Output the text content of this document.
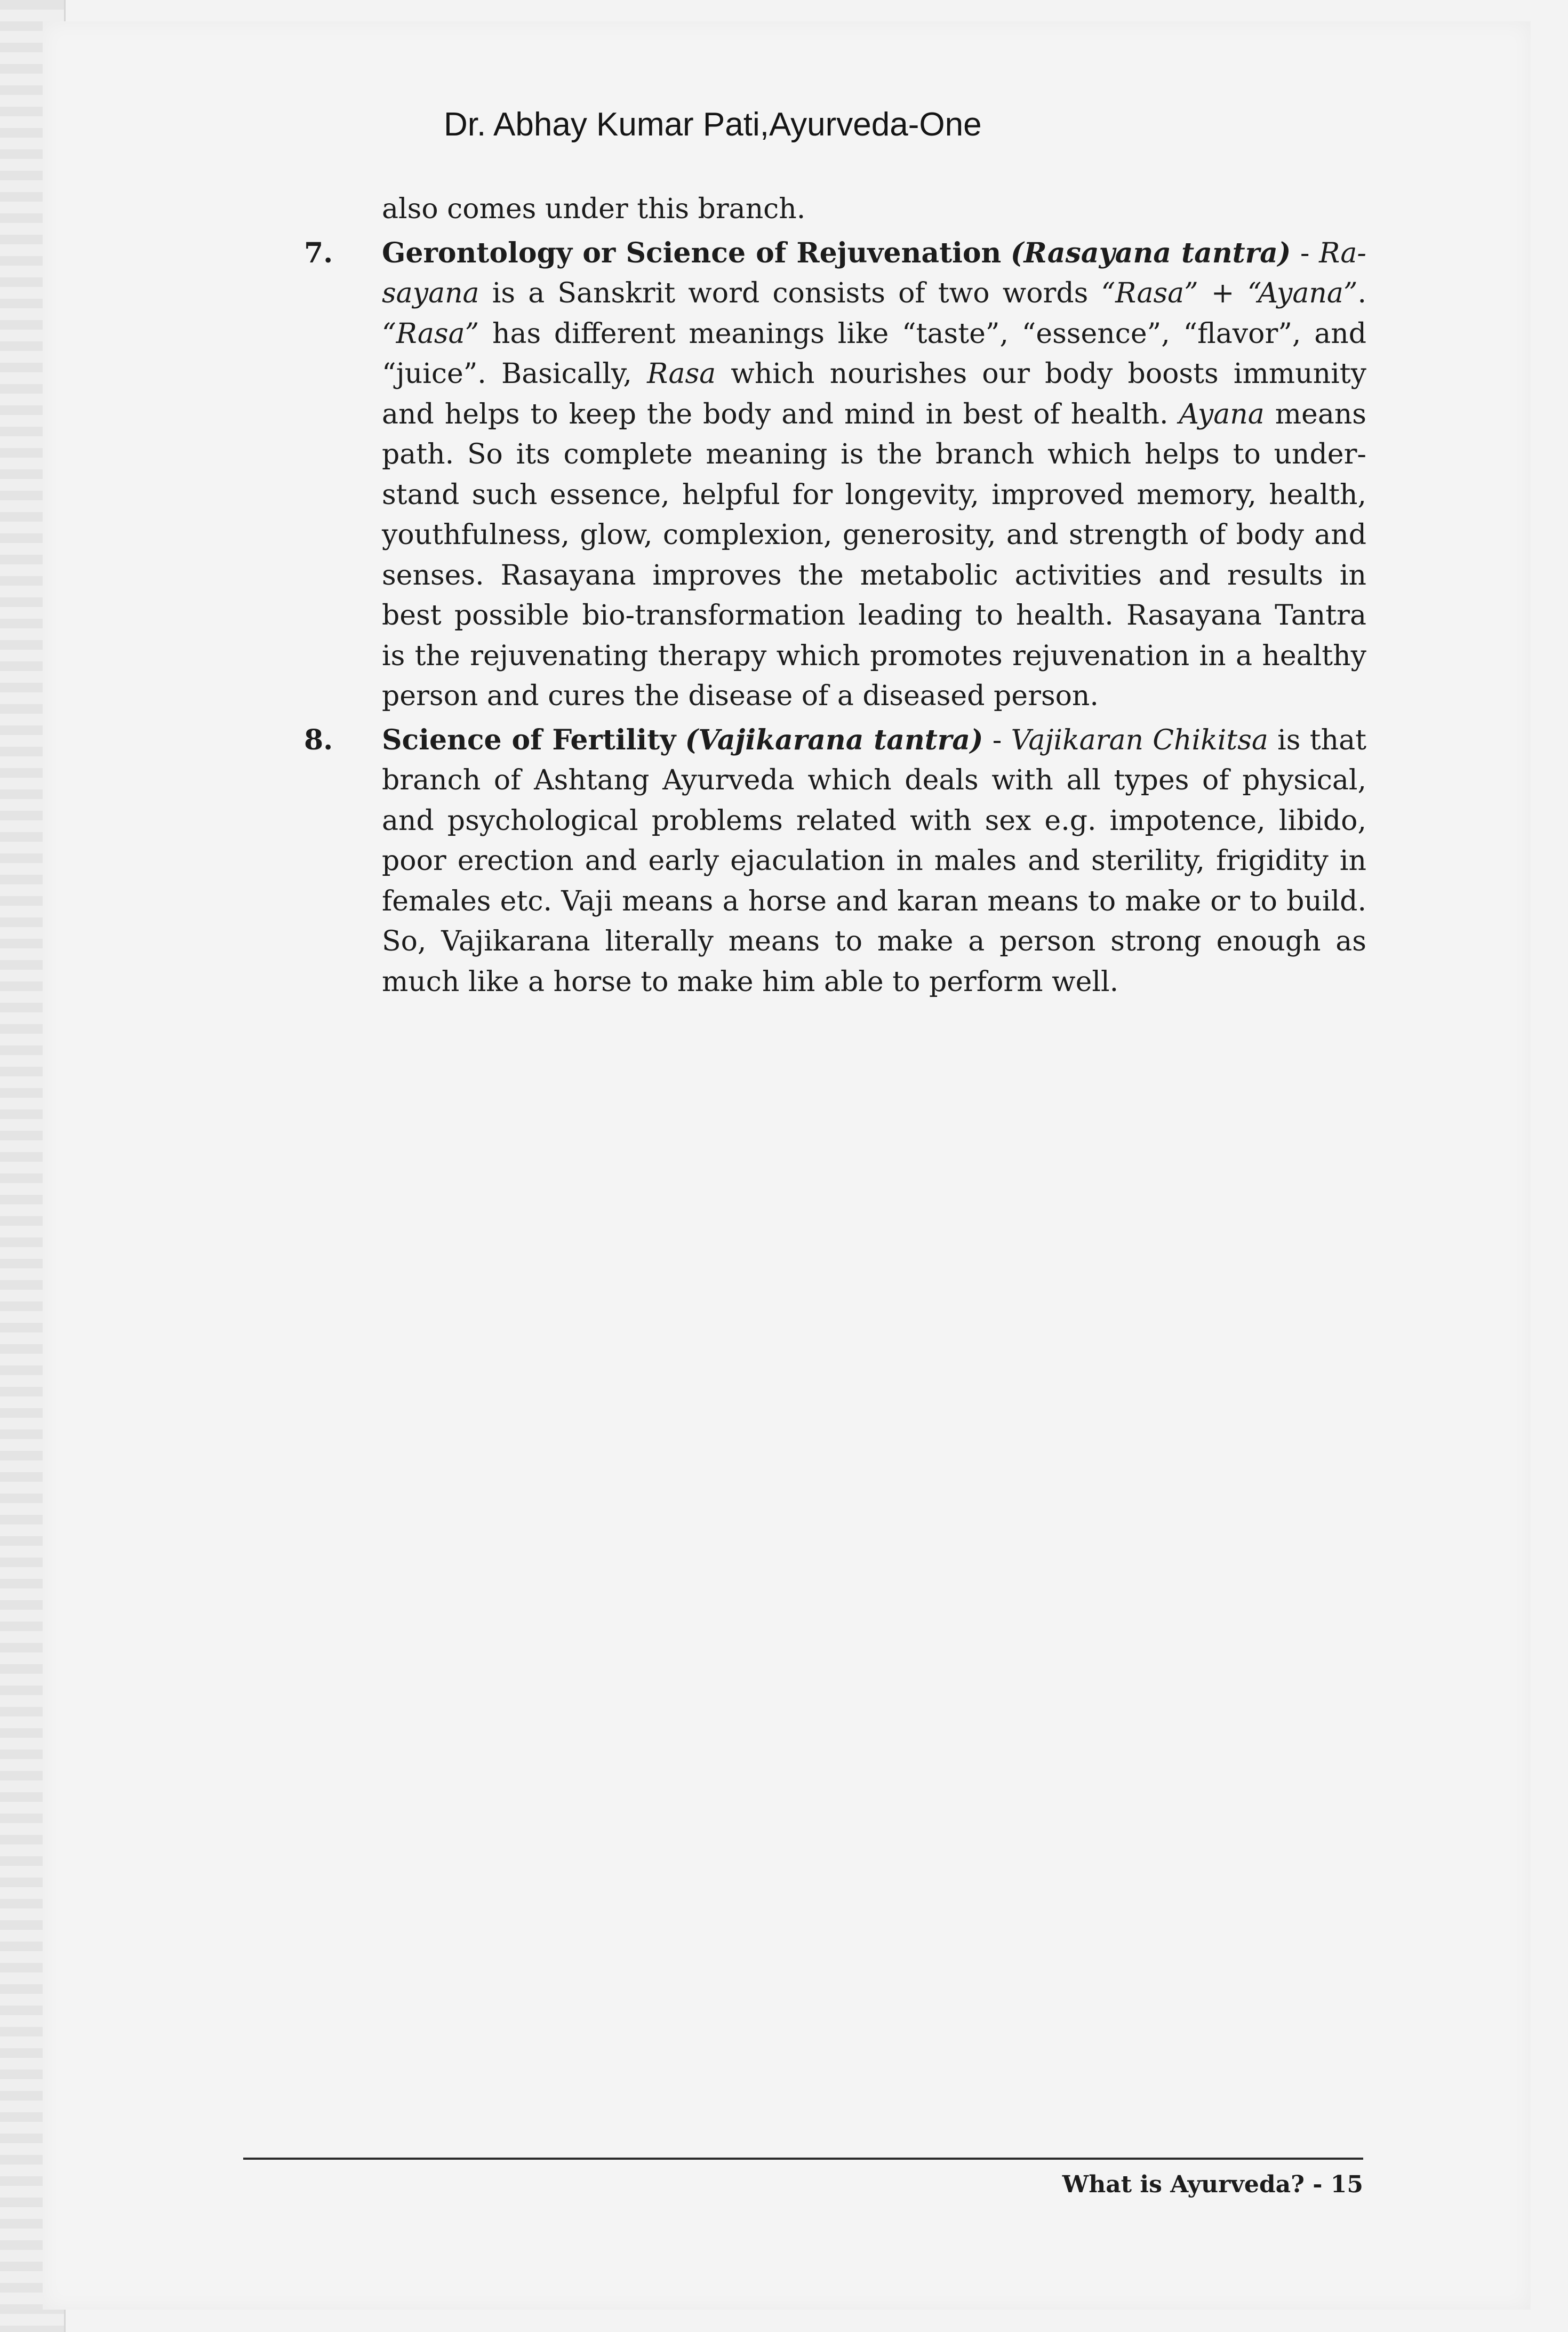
Dr. Abhay Kumar Pati,Ayurveda-One

also comes under this branch.

7. Gerontology or Science of Rejuvenation (Rasayana tantra) - Ra-sayana is a Sanskrit word consists of two words “Rasa” + “Ayana”. “Rasa” has different meanings like “taste”, “essence”, “flavor”, and “juice”. Basically, Rasa which nourishes our body boosts immunity and helps to keep the body and mind in best of health. Ayana means path. So its complete meaning is the branch which helps to under-stand such essence, helpful for longevity, improved memory, health, youthfulness, glow, complexion, generosity, and strength of body and senses. Rasayana improves the metabolic activities and results in best possible bio-transformation leading to health. Rasayana Tantra is the rejuvenating therapy which promotes rejuvenation in a healthy person and cures the disease of a diseased person.

8. Science of Fertility (Vajikarana tantra) - Vajikaran Chikitsa is that branch of Ashtang Ayurveda which deals with all types of physical, and psychological problems related with sex e.g. impotence, libido, poor erection and early ejaculation in males and sterility, frigidity in females etc. Vaji means a horse and karan means to make or to build. So, Vajikarana literally means to make a person strong enough as much like a horse to make him able to perform well.

What is Ayurveda? - 15
